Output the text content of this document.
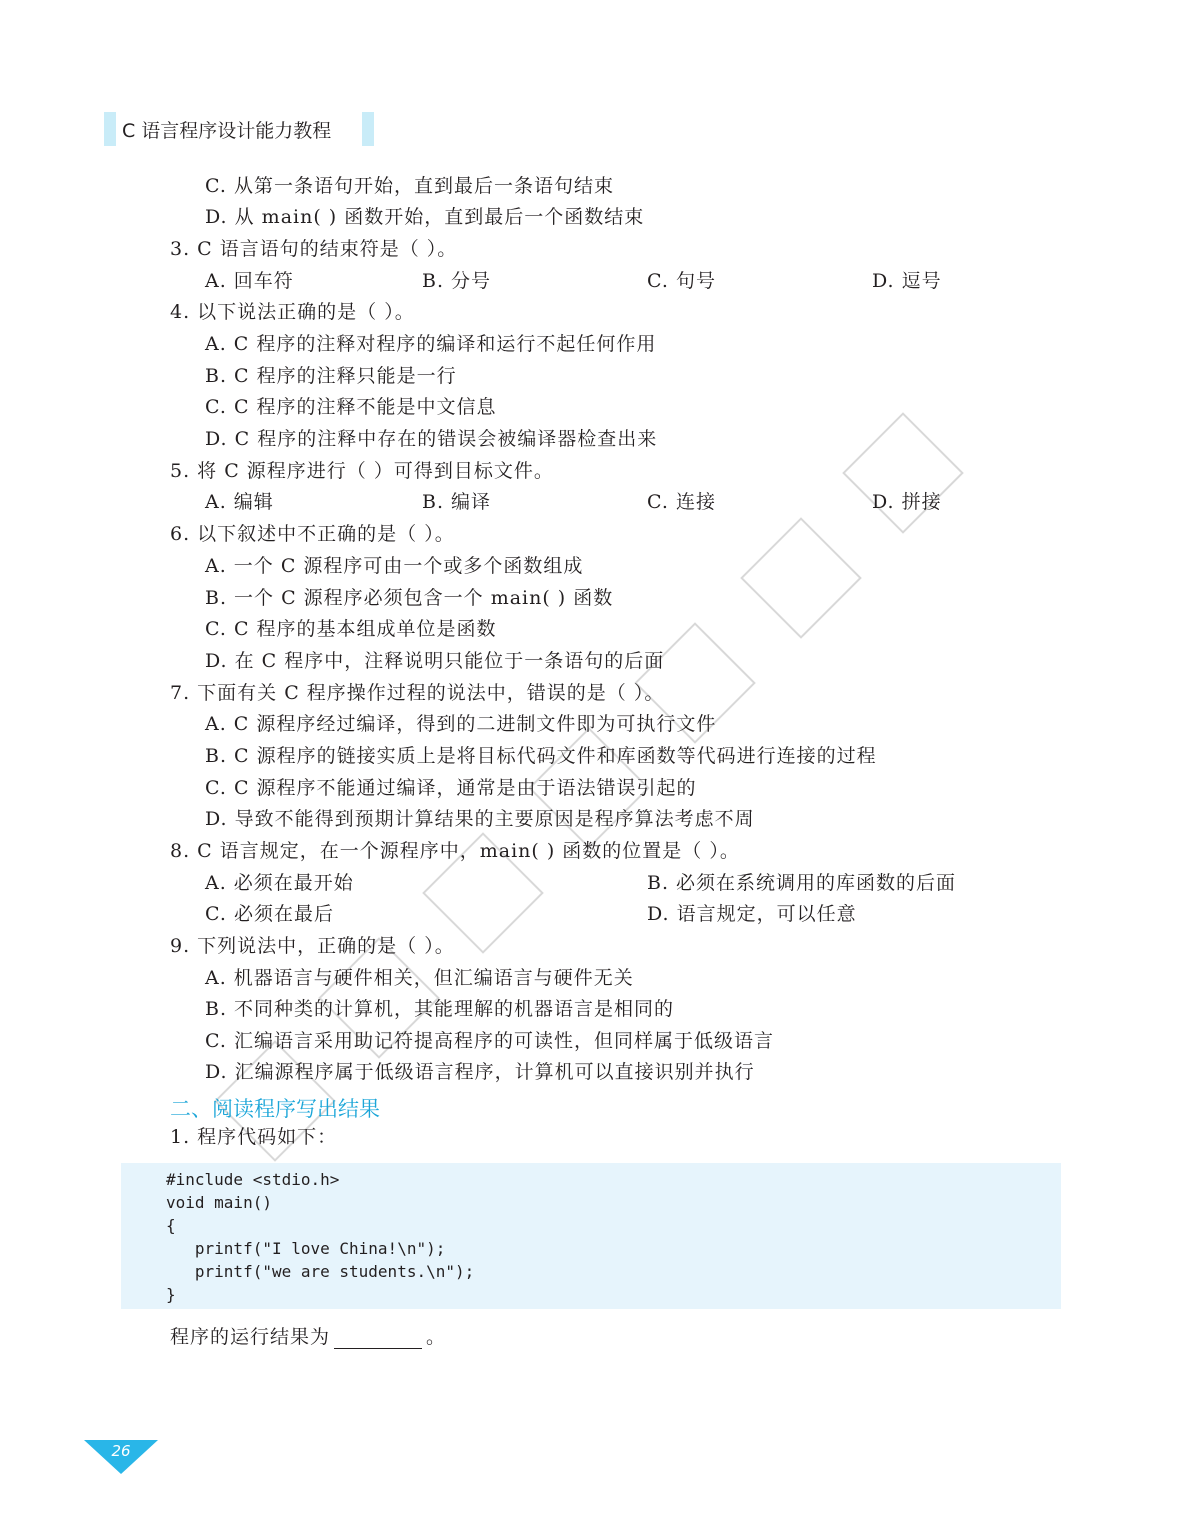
C 语言程序设计能力教程
C. 从第一条语句开始，直到最后一条语句结束
D. 从 main( ) 函数开始，直到最后一个函数结束
3. C 语言语句的结束符是（ ）。
A. 回车符	B. 分号	C. 句号	D. 逗号
4. 以下说法正确的是（ ）。
A. C 程序的注释对程序的编译和运行不起任何作用
B. C 程序的注释只能是一行
C. C 程序的注释不能是中文信息
D. C 程序的注释中存在的错误会被编译器检查出来
5. 将 C 源程序进行（ ）可得到目标文件。
A. 编辑	B. 编译	C. 连接	D. 拼接
6. 以下叙述中不正确的是（ ）。
A. 一个 C 源程序可由一个或多个函数组成
B. 一个 C 源程序必须包含一个 main( ) 函数
C. C 程序的基本组成单位是函数
D. 在 C 程序中，注释说明只能位于一条语句的后面
7. 下面有关 C 程序操作过程的说法中，错误的是（ ）。
A. C 源程序经过编译，得到的二进制文件即为可执行文件
B. C 源程序的链接实质上是将目标代码文件和库函数等代码进行连接的过程
C. C 源程序不能通过编译，通常是由于语法错误引起的
D. 导致不能得到预期计算结果的主要原因是程序算法考虑不周
8. C 语言规定，在一个源程序中，main( ) 函数的位置是（ ）。
A. 必须在最开始	B. 必须在系统调用的库函数的后面
C. 必须在最后	D. 语言规定，可以任意
9. 下列说法中，正确的是（ ）。
A. 机器语言与硬件相关，但汇编语言与硬件无关
B. 不同种类的计算机，其能理解的机器语言是相同的
C. 汇编语言采用助记符提高程序的可读性，但同样属于低级语言
D. 汇编源程序属于低级语言程序，计算机可以直接识别并执行
二、阅读程序写出结果
1. 程序代码如下：
#include <stdio.h>
void main()
{
printf("I love China!\n");
printf("we are students.\n");
}
程序的运行结果为	。
26
